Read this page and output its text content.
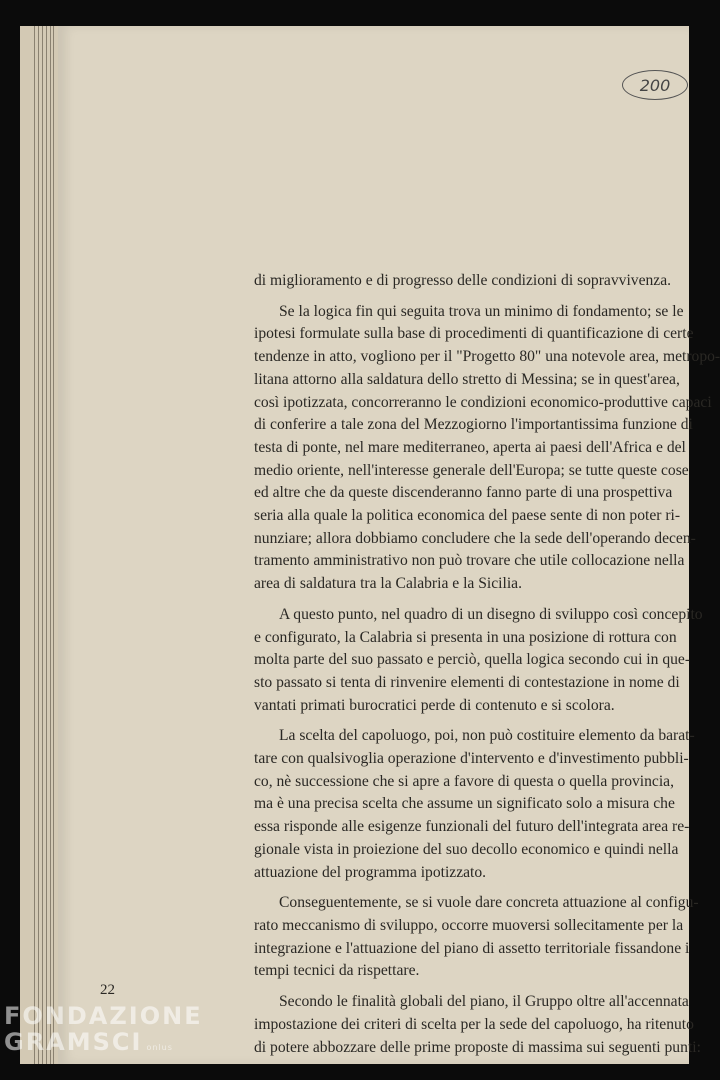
200
di miglioramento e di progresso delle condizioni di sopravvivenza.
Se la logica fin qui seguita trova un minimo di fondamento; se le
ipotesi formulate sulla base di procedimenti di quantificazione di certe
tendenze in atto, vogliono per il "Progetto 80" una notevole area, metropo-
litana attorno alla saldatura dello stretto di Messina; se in quest'area,
così ipotizzata, concorreranno le condizioni economico-produttive capaci
di conferire a tale zona del Mezzogiorno l'importantissima funzione di
testa di ponte, nel mare mediterraneo, aperta ai paesi dell'Africa e del
medio oriente, nell'interesse generale dell'Europa; se tutte queste cose
ed altre che da queste discenderanno fanno parte di una prospettiva
seria alla quale la politica economica del paese sente di non poter ri-
nunziare; allora dobbiamo concludere che la sede dell'operando decen-
tramento amministrativo non può trovare che utile collocazione nella
area di saldatura tra la Calabria e la Sicilia.
A questo punto, nel quadro di un disegno di sviluppo così concepito
e configurato, la Calabria si presenta in una posizione di rottura con
molta parte del suo passato e perciò, quella logica secondo cui in que-
sto passato si tenta di rinvenire elementi di contestazione in nome di
vantati primati burocratici perde di contenuto e si scolora.
La scelta del capoluogo, poi, non può costituire elemento da barat-
tare con qualsivoglia operazione d'intervento e d'investimento pubbli-
co, nè successione che si apre a favore di questa o quella provincia,
ma è una precisa scelta che assume un significato solo a misura che
essa risponde alle esigenze funzionali del futuro dell'integrata area re-
gionale vista in proiezione del suo decollo economico e quindi nella
attuazione del programma ipotizzato.
Conseguentemente, se si vuole dare concreta attuazione al configu-
rato meccanismo di sviluppo, occorre muoversi sollecitamente per la
integrazione e l'attuazione del piano di assetto territoriale fissandone i
tempi tecnici da rispettare.
Secondo le finalità globali del piano, il Gruppo oltre all'accennata
impostazione dei criteri di scelta per la sede del capoluogo, ha ritenuto
di potere abbozzare delle prime proposte di massima sui seguenti punti:
22
FONDAZIONE
GRAMSCI onlus
